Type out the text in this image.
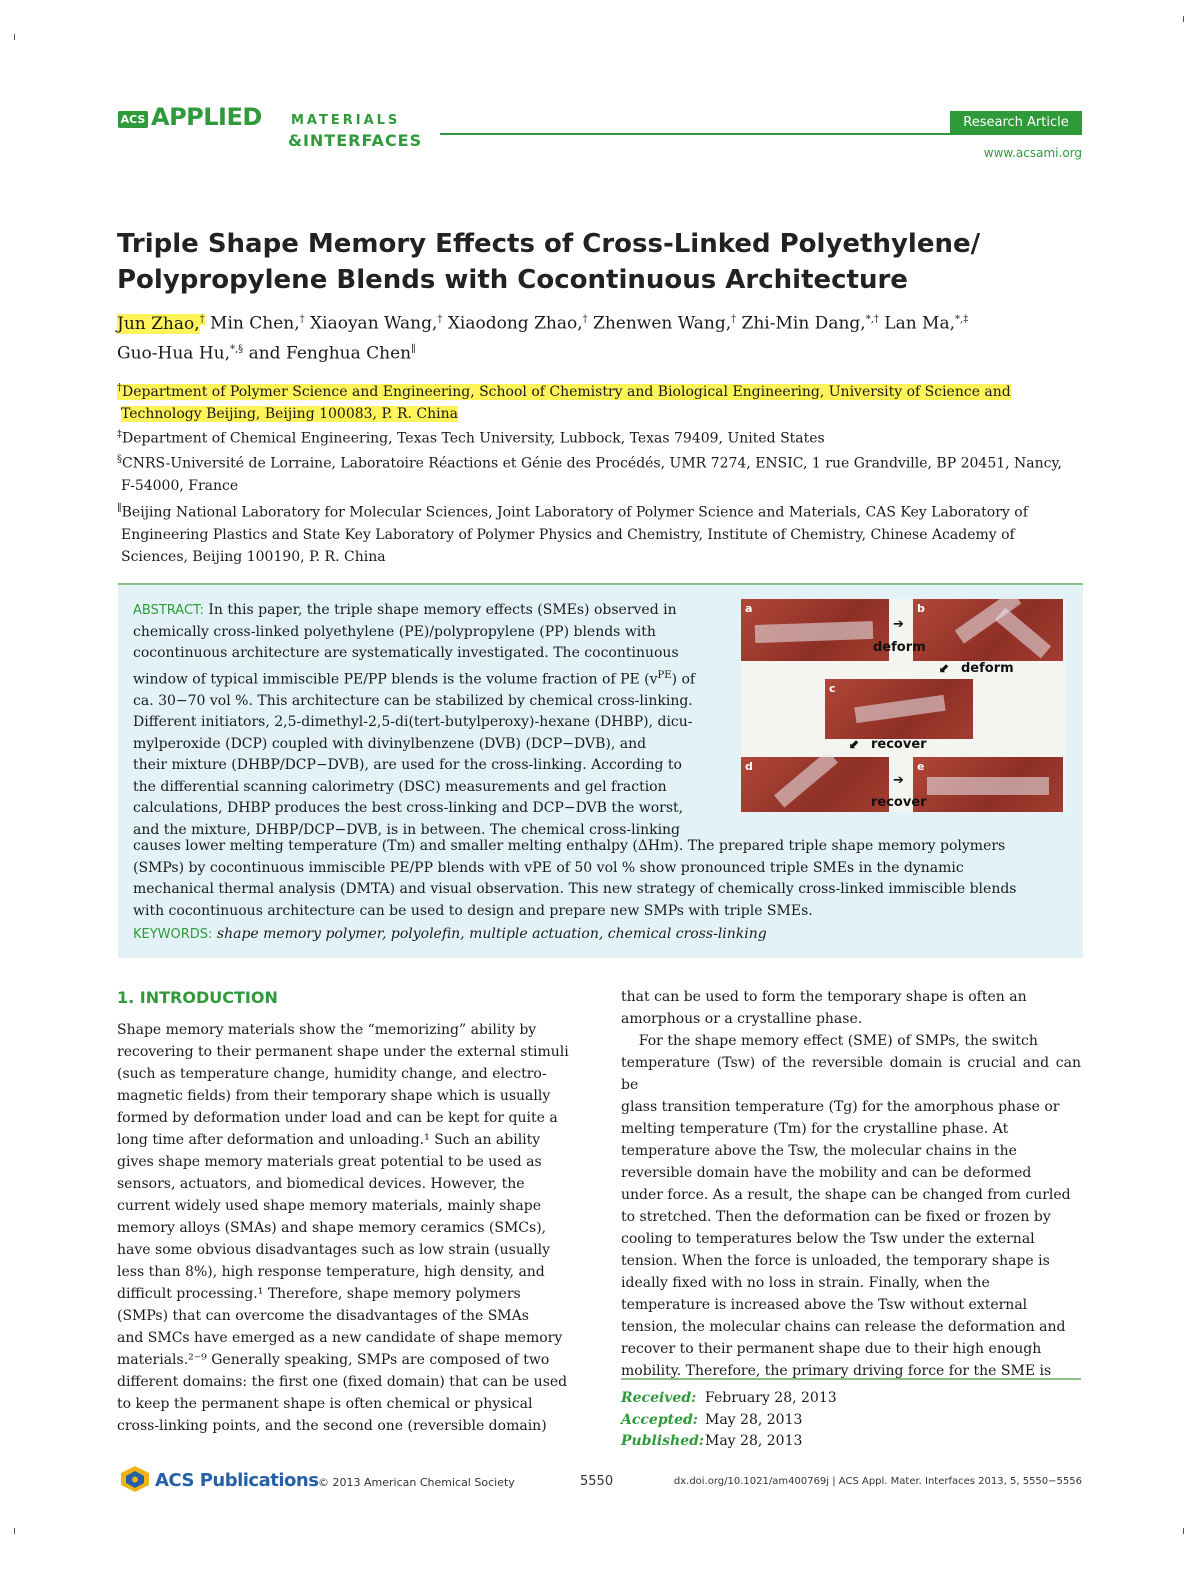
ACS APPLIED MATERIALS
&INTERFACES
Research Article
www.acsami.org
Triple Shape Memory Effects of Cross-Linked Polyethylene/
Polypropylene Blends with Cocontinuous Architecture
Jun Zhao,† Min Chen,† Xiaoyan Wang,† Xiaodong Zhao,† Zhenwen Wang,† Zhi-Min Dang,*,† Lan Ma,*,‡
Guo-Hua Hu,*,§ and Fenghua Chen∥
†Department of Polymer Science and Engineering, School of Chemistry and Biological Engineering, University of Science and
Technology Beijing, Beijing 100083, P. R. China
‡Department of Chemical Engineering, Texas Tech University, Lubbock, Texas 79409, United States
§CNRS-Université de Lorraine, Laboratoire Réactions et Génie des Procédés, UMR 7274, ENSIC, 1 rue Grandville, BP 20451, Nancy,
F-54000, France
∥Beijing National Laboratory for Molecular Sciences, Joint Laboratory of Polymer Science and Materials, CAS Key Laboratory of
Engineering Plastics and State Key Laboratory of Polymer Physics and Chemistry, Institute of Chemistry, Chinese Academy of
Sciences, Beijing 100190, P. R. China
ABSTRACT: In this paper, the triple shape memory effects (SMEs) observed in
chemically cross-linked polyethylene (PE)/polypropylene (PP) blends with
cocontinuous architecture are systematically investigated. The cocontinuous
window of typical immiscible PE/PP blends is the volume fraction of PE $(v^{PE})$ of
ca. 30−70 vol %. This architecture can be stabilized by chemical cross-linking.
Different initiators, 2,5-dimethyl-2,5-di(tert-butylperoxy)-hexane (DHBP), dicu-
mylperoxide (DCP) coupled with divinylbenzene (DVB) (DCP−DVB), and
their mixture (DHBP/DCP−DVB), are used for the cross-linking. According to
the differential scanning calorimetry (DSC) measurements and gel fraction
calculations, DHBP produces the best cross-linking and DCP−DVB the worst,
and the mixture, DHBP/DCP−DVB, is in between. The chemical cross-linking
causes lower melting temperature (Tm) and smaller melting enthalpy (ΔHm). The prepared triple shape memory polymers
(SMPs) by cocontinuous immiscible PE/PP blends with vPE of 50 vol % show pronounced triple SMEs in the dynamic
mechanical thermal analysis (DMTA) and visual observation. This new strategy of chemically cross-linked immiscible blends
with cocontinuous architecture can be used to design and prepare new SMPs with triple SMEs.
KEYWORDS: shape memory polymer, polyolefin, multiple actuation, chemical cross-linking
a
➔
b
deform
⬋ deform
c
⬋ recover
d
➔
e
recover
1. INTRODUCTION
Shape memory materials show the “memorizing” ability by
recovering to their permanent shape under the external stimuli
(such as temperature change, humidity change, and electro-
magnetic fields) from their temporary shape which is usually
formed by deformation under load and can be kept for quite a
long time after deformation and unloading.¹ Such an ability
gives shape memory materials great potential to be used as
sensors, actuators, and biomedical devices. However, the
current widely used shape memory materials, mainly shape
memory alloys (SMAs) and shape memory ceramics (SMCs),
have some obvious disadvantages such as low strain (usually
less than 8%), high response temperature, high density, and
difficult processing.¹ Therefore, shape memory polymers
(SMPs) that can overcome the disadvantages of the SMAs
and SMCs have emerged as a new candidate of shape memory
materials.²⁻⁹ Generally speaking, SMPs are composed of two
different domains: the first one (fixed domain) that can be used
to keep the permanent shape is often chemical or physical
cross-linking points, and the second one (reversible domain)
that can be used to form the temporary shape is often an
amorphous or a crystalline phase.
For the shape memory effect (SME) of SMPs, the switch
temperature (Tsw) of the reversible domain is crucial and can be
glass transition temperature (Tg) for the amorphous phase or
melting temperature (Tm) for the crystalline phase. At
temperature above the Tsw, the molecular chains in the
reversible domain have the mobility and can be deformed
under force. As a result, the shape can be changed from curled
to stretched. Then the deformation can be fixed or frozen by
cooling to temperatures below the Tsw under the external
tension. When the force is unloaded, the temporary shape is
ideally fixed with no loss in strain. Finally, when the
temperature is increased above the Tsw without external
tension, the molecular chains can release the deformation and
recover to their permanent shape due to their high enough
mobility. Therefore, the primary driving force for the SME is
Received: February 28, 2013
Accepted: May 28, 2013
Published:May 28, 2013
ACS Publications © 2013 American Chemical Society	5550	dx.doi.org/10.1021/am400769j | ACS Appl. Mater. Interfaces 2013, 5, 5550−5556
